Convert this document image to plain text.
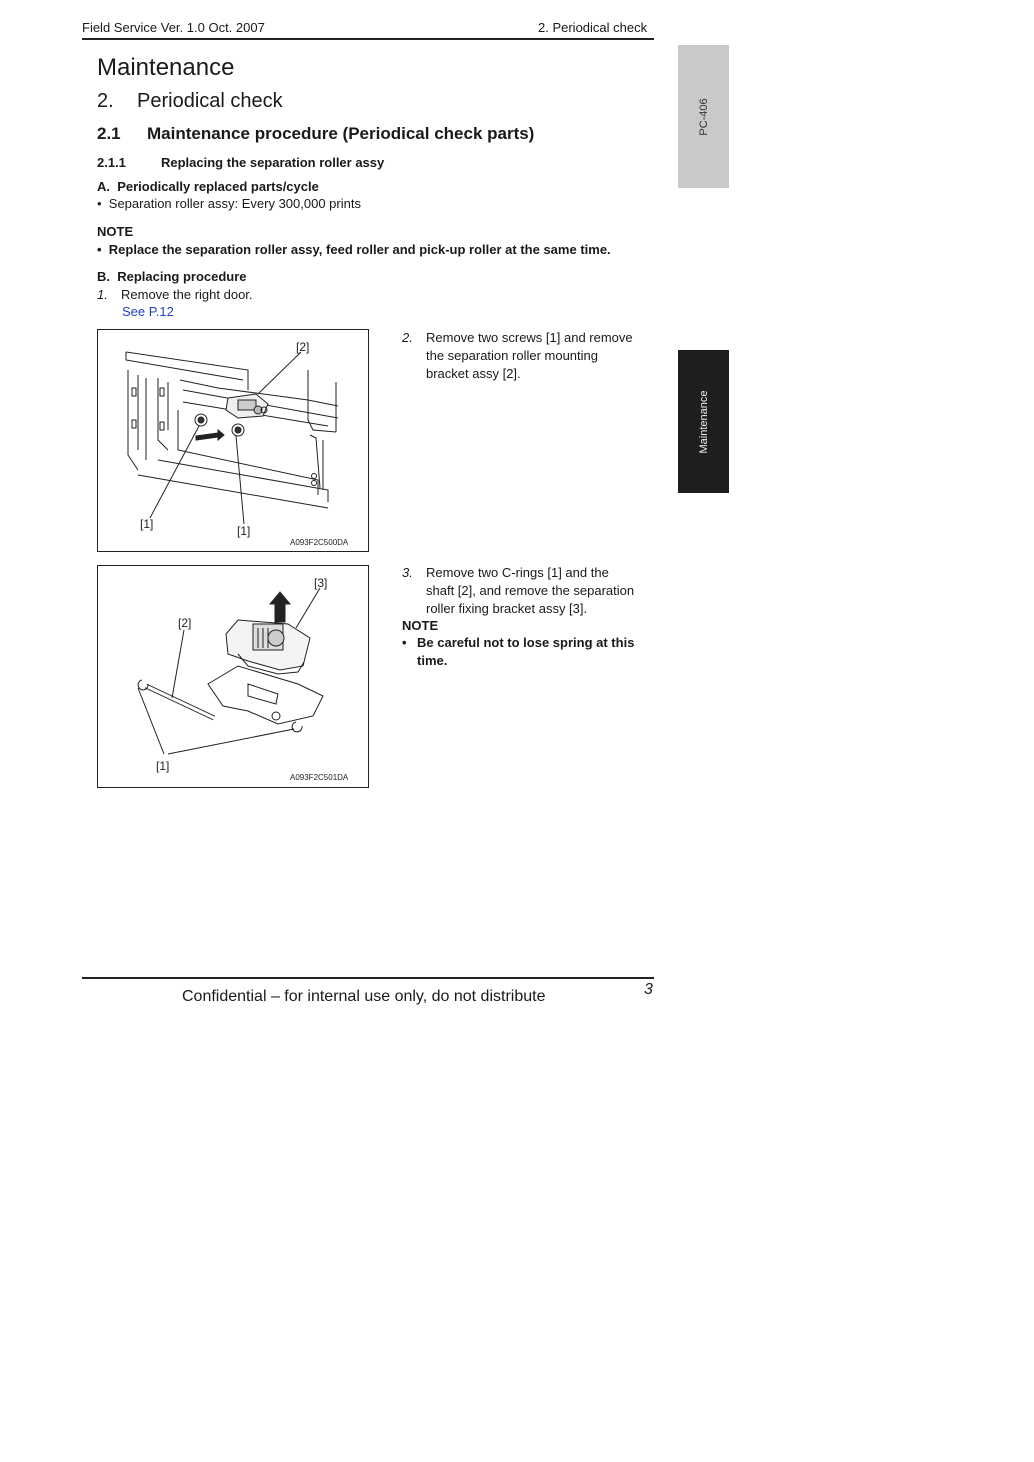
Field Service Ver. 1.0 Oct. 2007	2. Periodical check
PC-406
Maintenance
Maintenance
2. Periodical check
2.1 Maintenance procedure (Periodical check parts)
2.1.1	Replacing the separation roller assy
A.  Periodically replaced parts/cycle
•  Separation roller assy: Every 300,000 prints
NOTE
•  Replace the separation roller assy, feed roller and pick-up roller at the same time.
B.  Replacing procedure
1. Remove the right door.
See P.12
[2]
[1]	[1]
A093F2C500DA
2. Remove two screws [1] and remove
the separation roller mounting
bracket assy [2].
[3]
[2]
[1]
A093F2C501DA
3. Remove two C-rings [1] and the
shaft [2], and remove the separation
roller fixing bracket assy [3].
NOTE
• Be careful not to lose spring at this
time.
Confidential – for internal use only, do not distribute	3
